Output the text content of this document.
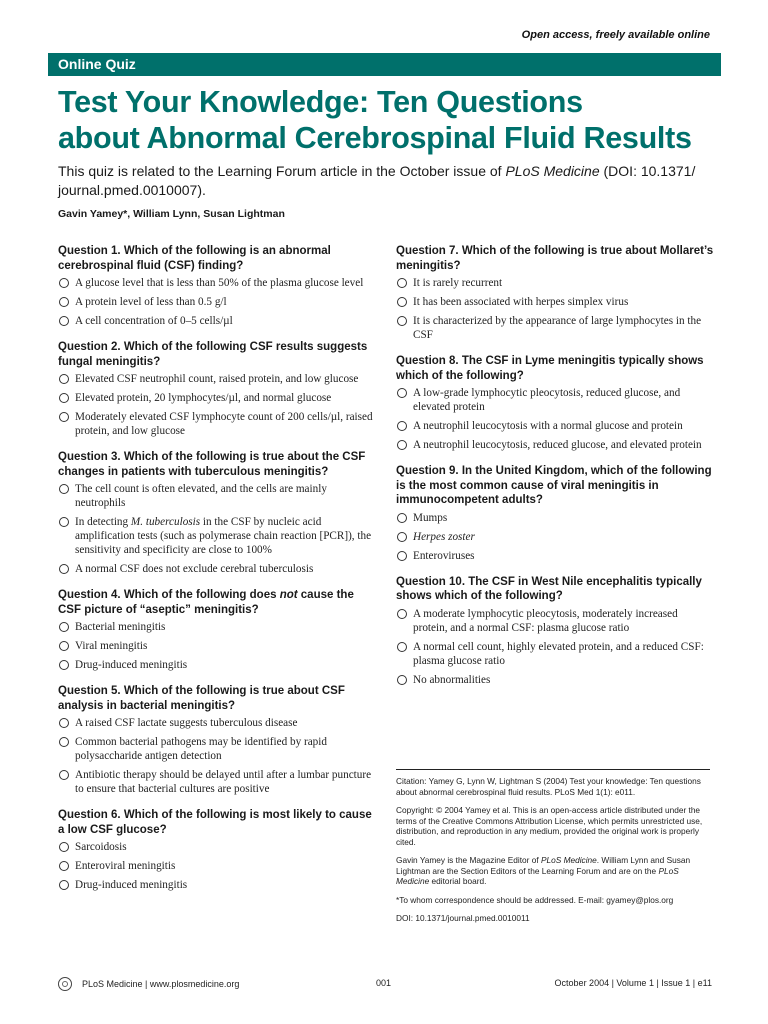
Open access, freely available online
Online Quiz
Test Your Knowledge: Ten Questions
about Abnormal Cerebrospinal Fluid Results

This quiz is related to the Learning Forum article in the October issue of PLoS Medicine (DOI: 10.1371/ journal.pmed.0010007).

Gavin Yamey*, William Lynn, Susan Lightman

Question 1. Which of the following is an abnormal cerebrospinal fluid (CSF) finding?

A glucose level that is less than 50% of the plasma glucose level
A protein level of less than 0.5 g/l
A cell concentration of 0–5 cells/µl

Question 2. Which of the following CSF results suggests fungal meningitis?

Elevated CSF neutrophil count, raised protein, and low glucose
Elevated protein, 20 lymphocytes/µl, and normal glucose
Moderately elevated CSF lymphocyte count of 200 cells/µl, raised protein, and low glucose

Question 3. Which of the following is true about the CSF changes in patients with tuberculous meningitis?

The cell count is often elevated, and the cells are mainly neutrophils
In detecting M. tuberculosis in the CSF by nucleic acid amplification tests (such as polymerase chain reaction [PCR]), the sensitivity and specificity are close to 100%
A normal CSF does not exclude cerebral tuberculosis

Question 4. Which of the following does not cause the CSF picture of “aseptic” meningitis?

Bacterial meningitis
Viral meningitis
Drug-induced meningitis

Question 5. Which of the following is true about CSF analysis in bacterial meningitis?

A raised CSF lactate suggests tuberculous disease
Common bacterial pathogens may be identified by rapid polysaccharide antigen detection
Antibiotic therapy should be delayed until after a lumbar puncture to ensure that bacterial cultures are positive

Question 6. Which of the following is most likely to cause a low CSF glucose?

Sarcoidosis
Enteroviral meningitis
Drug-induced meningitis

Question 7. Which of the following is true about Mollaret’s meningitis?

It is rarely recurrent
It has been associated with herpes simplex virus
It is characterized by the appearance of large lymphocytes in the CSF

Question 8. The CSF in Lyme meningitis typically shows which of the following?

A low-grade lymphocytic pleocytosis, reduced glucose, and elevated protein
A neutrophil leucocytosis with a normal glucose and protein
A neutrophil leucocytosis, reduced glucose, and elevated protein

Question 9. In the United Kingdom, which of the following is the most common cause of viral meningitis in immunocompetent adults?

Mumps
Herpes zoster
Enteroviruses

Question 10. The CSF in West Nile encephalitis typically shows which of the following?

A moderate lymphocytic pleocytosis, moderately increased protein, and a normal CSF: plasma glucose ratio
A normal cell count, highly elevated protein, and a reduced CSF: plasma glucose ratio
No abnormalities

Citation: Yamey G, Lynn W, Lightman S (2004) Test your knowledge: Ten questions about abnormal cerebrospinal fluid results. PLoS Med 1(1): e011.

Copyright: © 2004 Yamey et al. This is an open-access article distributed under the terms of the Creative Commons Attribution License, which permits unrestricted use, distribution, and reproduction in any medium, provided the original work is properly cited.

Gavin Yamey is the Magazine Editor of PLoS Medicine. William Lynn and Susan Lightman are the Section Editors of the Learning Forum and are on the PLoS Medicine editorial board.

*To whom correspondence should be addressed. E-mail: gyamey@plos.org

DOI: 10.1371/journal.pmed.0010011

PLoS Medicine | www.plosmedicine.org	001	October 2004 | Volume 1 | Issue 1 | e11
